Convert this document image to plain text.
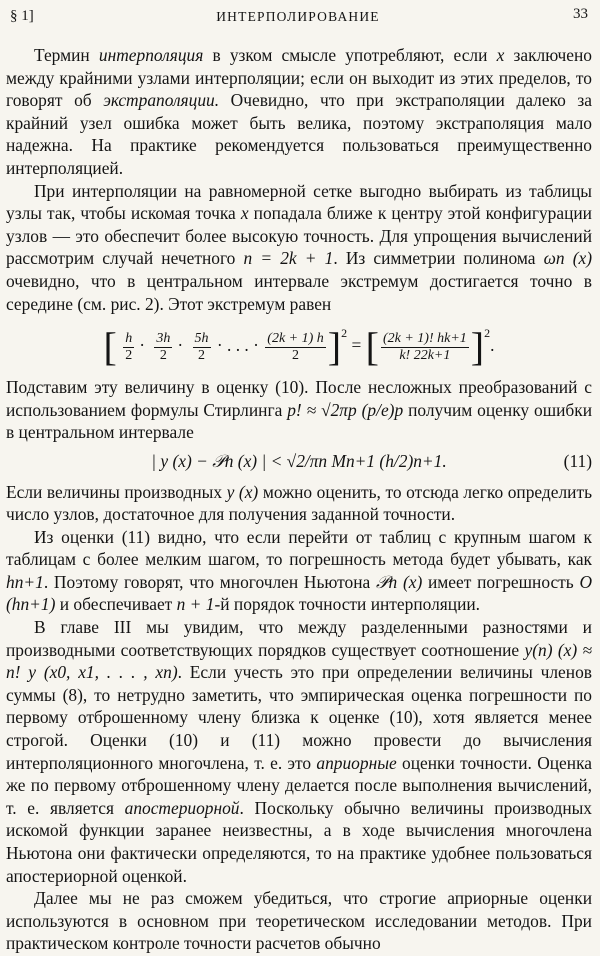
§ 1]	ИНТЕРПОЛИРОВАНИЕ	33

Термин интерполяция в узком смысле употребляют, если x заключено между крайними узлами интерполяции; если он выходит из этих пределов, то говорят об экстраполяции. Очевидно, что при экстраполяции далеко за крайний узел ошибка может быть велика, поэтому экстраполяция мало надежна. На практике рекомендуется пользоваться преимущественно интерполяцией.

При интерполяции на равномерной сетке выгодно выбирать из таблицы узлы так, чтобы искомая точка x попадала ближе к центру этой конфигурации узлов — это обеспечит более высокую точность. Для упрощения вычислений рассмотрим случай нечетного n = 2k + 1. Из симметрии полинома ωn (x) очевидно, что в центральном интервале экстремум достигается точно в середине (см. рис. 2). Этот экстремум равен

[ $\frac{h}{2} \cdot \frac{3h}{2} \cdot \frac{5h}{2}$ · . . . · $\frac{(2k + 1) h}{2} ]^2$ = [ $\frac{(2k + 1)! hk+1}{k! 22k+1} ]^2$.

Подставим эту величину в оценку (10). После несложных преобразований с использованием формулы Стирлинга p! ≈ √2πp (p/e)p получим оценку ошибки в центральном интервале

| y (x) − 𝒫n (x) | < √2/πn Mn+1 (h/2)n+1.	(11)

Если величины производных y (x) можно оценить, то отсюда легко определить число узлов, достаточное для получения заданной точности.

Из оценки (11) видно, что если перейти от таблиц с крупным шагом к таблицам с более мелким шагом, то погрешность метода будет убывать, как hn+1. Поэтому говорят, что многочлен Ньютона 𝒫n (x) имеет погрешность O (hn+1) и обеспечивает n + 1-й порядок точности интерполяции.

В главе III мы увидим, что между разделенными разностями и производными соответствующих порядков существует соотношение y(n) (x) ≈ n! y (x0, x1, . . . , xn). Если учесть это при определении величины членов суммы (8), то нетрудно заметить, что эмпирическая оценка погрешности по первому отброшенному члену близка к оценке (10), хотя является менее строгой. Оценки (10) и (11) можно провести до вычисления интерполяционного многочлена, т. е. это априорные оценки точности. Оценка же по первому отброшенному члену делается после выполнения вычислений, т. е. является апостериорной. Поскольку обычно величины производных искомой функции заранее неизвестны, а в ходе вычисления многочлена Ньютона они фактически определяются, то на практике удобнее пользоваться апостериорной оценкой.

Далее мы не раз сможем убедиться, что строгие априорные оценки используются в основном при теоретическом исследовании методов. При практическом контроле точности расчетов обычно
